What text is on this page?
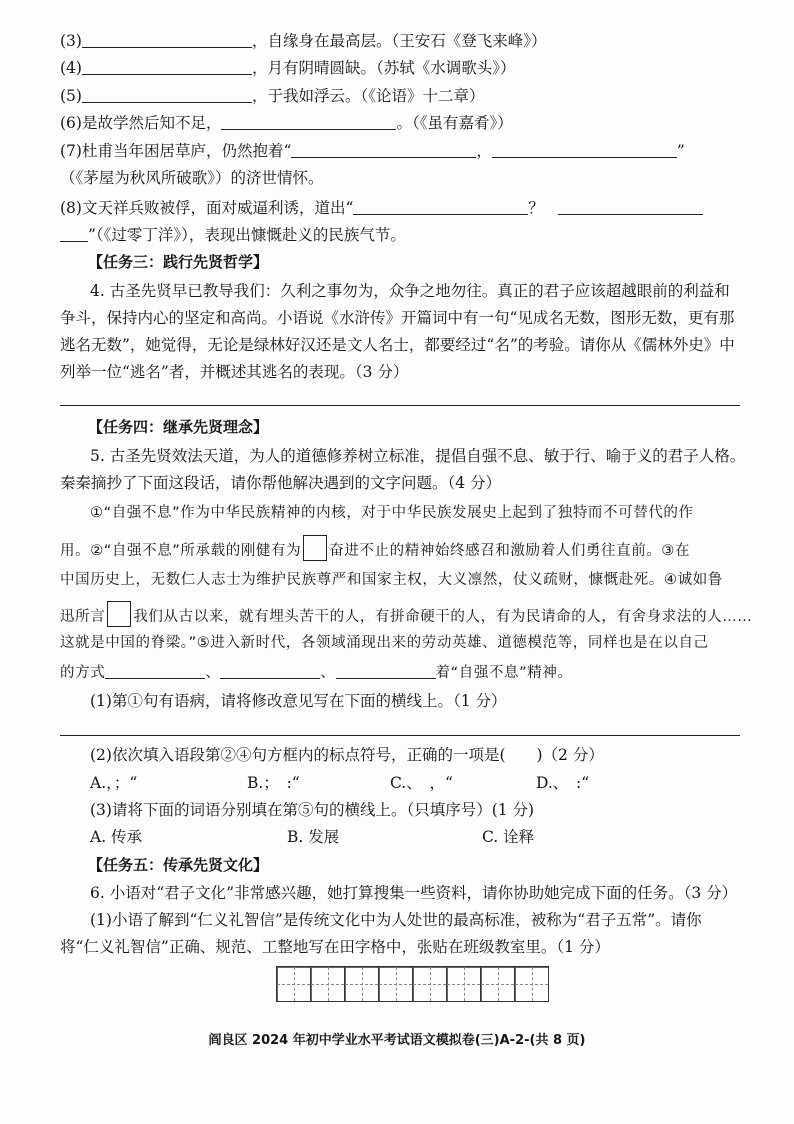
(3)	，自缘身在最高层。（王安石《登飞来峰》）
(4)	，月有阴晴圆缺。（苏轼《水调歌头》）
(5)	，于我如浮云。（《论语》十二章）
(6)是故学然后知不足，	。（《虽有嘉肴》）
(7)杜甫当年困居草庐，仍然抱着“	，	”
（《茅屋为秋风所破歌》）的济世情怀。
(8)文天祥兵败被俘，面对威逼利诱，道出“	？
”（《过零丁洋》），表现出慷慨赴义的民族气节。
【任务三：践行先贤哲学】
4. 古圣先贤早已教导我们：久利之事勿为，众争之地勿往。真正的君子应该超越眼前的利益和
争斗，保持内心的坚定和高尚。小语说《水浒传》开篇词中有一句“见成名无数，图形无数，更有那
逃名无数”，她觉得，无论是绿林好汉还是文人名士，都要经过“名”的考验。请你从《儒林外史》中
列举一位“逃名”者，并概述其逃名的表现。（3 分）
【任务四：继承先贤理念】
5. 古圣先贤效法天道，为人的道德修养树立标准，提倡自强不息、敏于行、喻于义的君子人格。
秦秦摘抄了下面这段话，请你帮他解决遇到的文字问题。（4 分）
①“自强不息”作为中华民族精神的内核，对于中华民族发展史上起到了独特而不可替代的作
用。②“自强不息”所承载的刚健有为 奋进不止的精神始终感召和激励着人们勇往直前。③在
中国历史上，无数仁人志士为维护民族尊严和国家主权，大义凛然，仗义疏财，慷慨赴死。④诚如鲁
迅所言 我们从古以来，就有埋头苦干的人，有拼命硬干的人，有为民请命的人，有舍身求法的人……
这就是中国的脊梁。”⑤进入新时代，各领域涌现出来的劳动英雄、道德模范等，同样也是在以自己
的方式	、	、	着“自强不息”精神。
(1)第①句有语病，请将修改意见写在下面的横线上。（1 分）
(2)依次填入语段第②④句方框内的标点符号，正确的一项是(　　)（2 分）
A.，；“	B.；　:“	C.、　，“	D.、　:“
(3)请将下面的词语分别填在第⑤句的横线上。（只填序号）(1 分)
A. 传承	B. 发展	C. 诠释
【任务五：传承先贤文化】
6. 小语对“君子文化”非常感兴趣，她打算搜集一些资料，请你协助她完成下面的任务。（3 分）
(1)小语了解到“仁义礼智信”是传统文化中为人处世的最高标准，被称为“君子五常”。请你
将“仁义礼智信”正确、规范、工整地写在田字格中，张贴在班级教室里。（1 分）
阎良区 2024 年初中学业水平考试语文模拟卷(三)A-2-(共 8 页)
